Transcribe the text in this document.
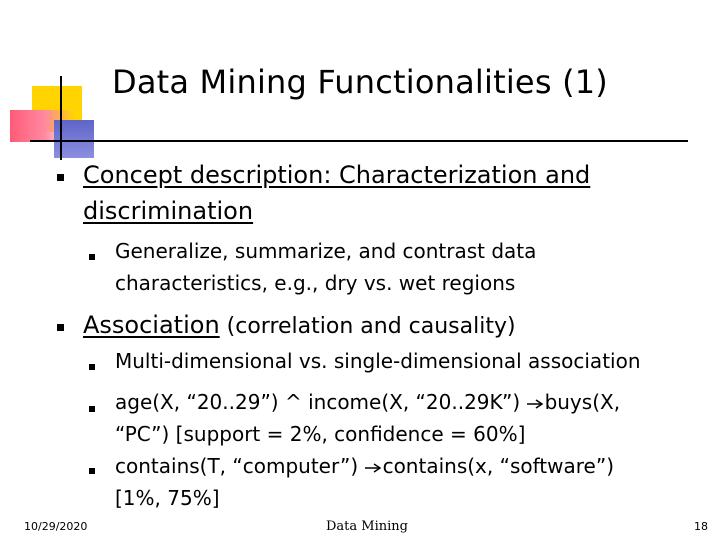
Data Mining Functionalities (1)
Concept description: Characterization and
discrimination
Generalize, summarize, and contrast data
characteristics, e.g., dry vs. wet regions
Association (correlation and causality)
Multi-dimensional vs. single-dimensional association
age(X, “20..29”) ^ income(X, “20..29K”) buys(X,
“PC”) [support = 2%, confidence = 60%]
contains(T, “computer”) contains(x, “software”)
[1%, 75%]
10/29/2020	Data Mining	18
